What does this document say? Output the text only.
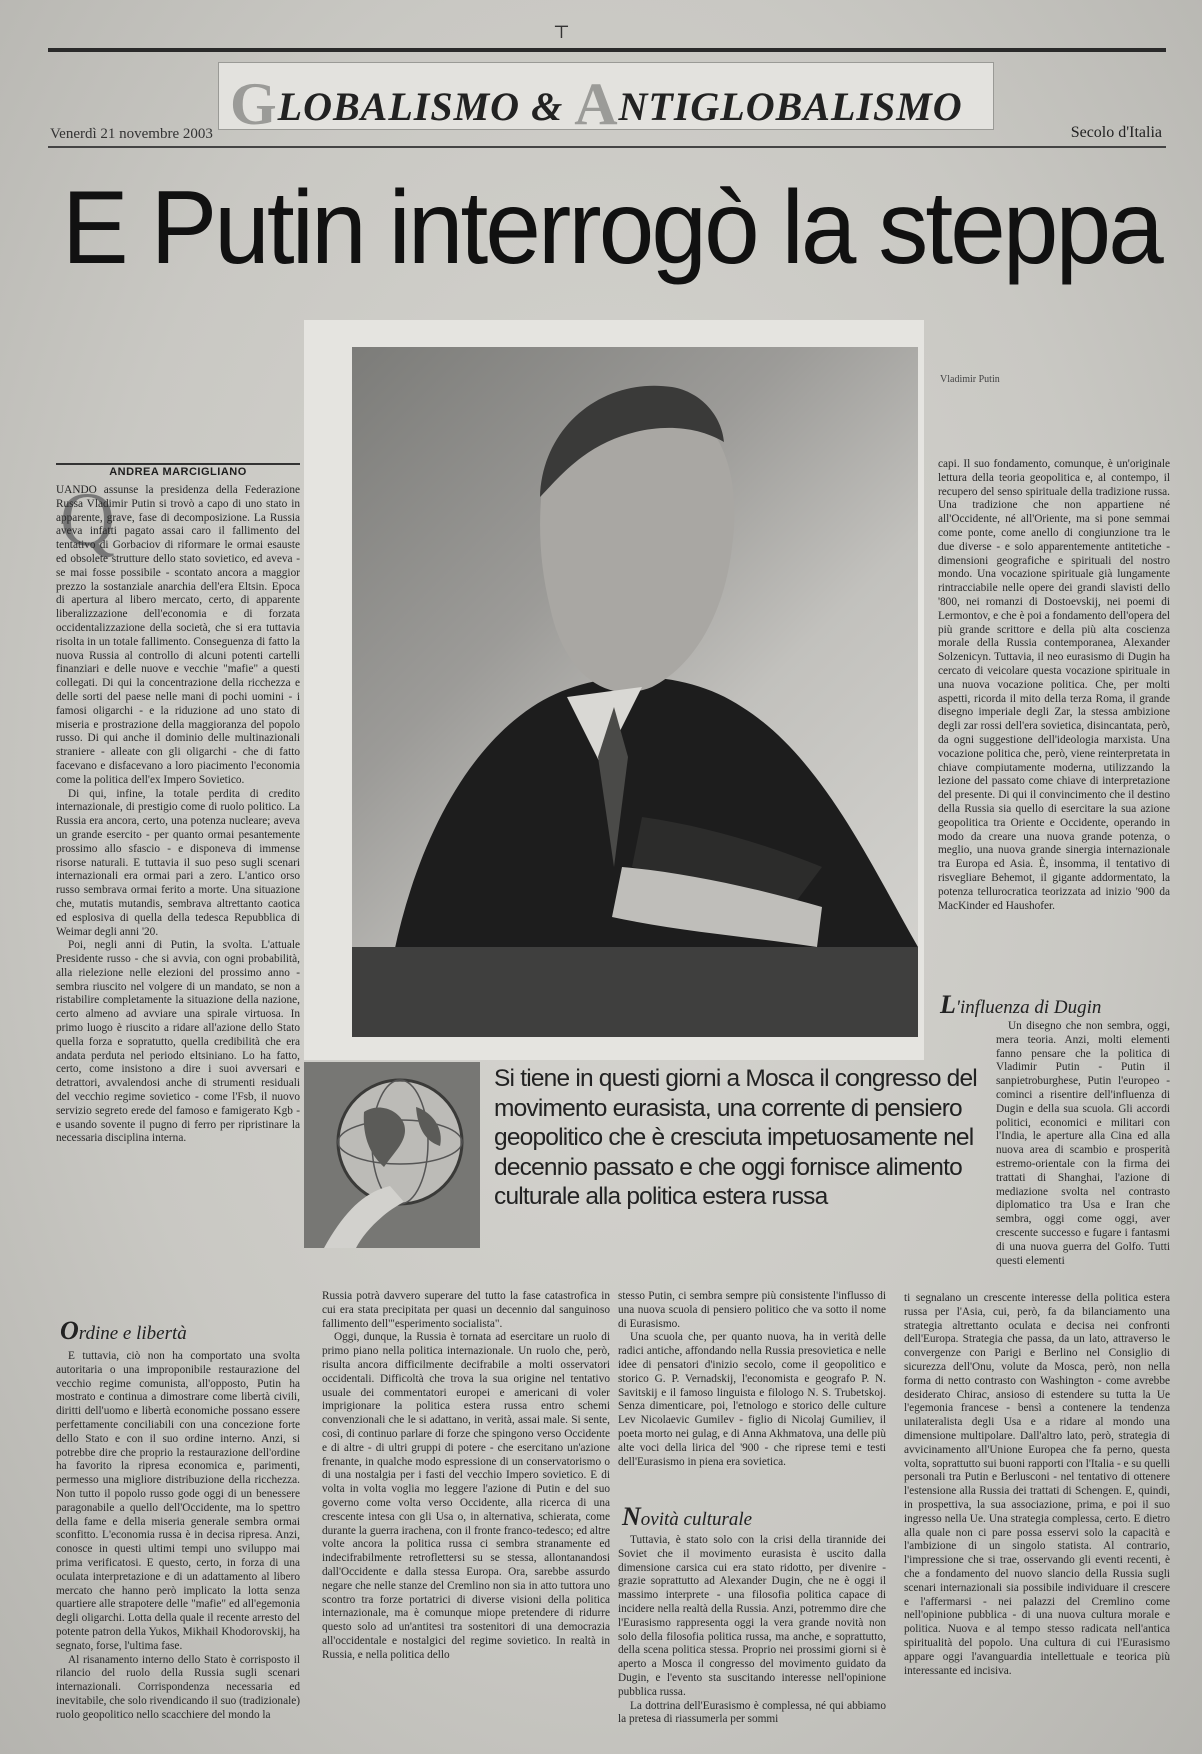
⊤
GLOBALISMO & ANTIGLOBALISMO
Venerdì 21 novembre 2003	Secolo d'Italia
E Putin interrogò la steppa
Vladimir Putin
ANDREA MARCIGLIANO
Q

UANDO assunse la presidenza della Federazione Russa Vladimir Putin si trovò a capo di uno stato in apparente, grave, fase di decomposizione. La Russia aveva infatti pagato assai caro il fallimento del tentativo di Gorbaciov di riformare le ormai esauste ed obsolete strutture dello stato sovietico, ed aveva - se mai fosse possibile - scontato ancora a maggior prezzo la sostanziale anarchia dell'era Eltsin. Epoca di apertura al libero mercato, certo, di apparente liberalizzazione dell'economia e di forzata occidentalizzazione della società, che si era tuttavia risolta in un totale fallimento. Conseguenza di fatto la nuova Russia al controllo di alcuni potenti cartelli finanziari e delle nuove e vecchie "mafie" a questi collegati. Di qui la concentrazione della ricchezza e delle sorti del paese nelle mani di pochi uomini - i famosi oligarchi - e la riduzione ad uno stato di miseria e prostrazione della maggioranza del popolo russo. Di qui anche il dominio delle multinazionali straniere - alleate con gli oligarchi - che di fatto facevano e disfacevano a loro piacimento l'economia come la politica dell'ex Impero Sovietico.

Di qui, infine, la totale perdita di credito internazionale, di prestigio come di ruolo politico. La Russia era ancora, certo, una potenza nucleare; aveva un grande esercito - per quanto ormai pesantemente prossimo allo sfascio - e disponeva di immense risorse naturali. E tuttavia il suo peso sugli scenari internazionali era ormai pari a zero. L'antico orso russo sembrava ormai ferito a morte. Una situazione che, mutatis mutandis, sembrava altrettanto caotica ed esplosiva di quella della tedesca Repubblica di Weimar degli anni '20.

Poi, negli anni di Putin, la svolta. L'attuale Presidente russo - che si avvia, con ogni probabilità, alla rielezione nelle elezioni del prossimo anno - sembra riuscito nel volgere di un mandato, se non a ristabilire completamente la situazione della nazione, certo almeno ad avviare una spirale virtuosa. In primo luogo è riuscito a ridare all'azione dello Stato quella forza e sopratutto, quella credibilità che era andata perduta nel periodo eltsiniano. Lo ha fatto, certo, come insistono a dire i suoi avversari e detrattori, avvalendosi anche di strumenti residuali del vecchio regime sovietico - come l'Fsb, il nuovo servizio segreto erede del famoso e famigerato Kgb - e usando sovente il pugno di ferro per ripristinare la necessaria disciplina interna.

Ordine e libertà

E tuttavia, ciò non ha comportato una svolta autoritaria o una improponibile restaurazione del vecchio regime comunista, all'opposto, Putin ha mostrato e continua a dimostrare come libertà civili, diritti dell'uomo e libertà economiche possano essere perfettamente conciliabili con una concezione forte dello Stato e con il suo ordine interno. Anzi, si potrebbe dire che proprio la restaurazione dell'ordine ha favorito la ripresa economica e, parimenti, permesso una migliore distribuzione della ricchezza. Non tutto il popolo russo gode oggi di un benessere paragonabile a quello dell'Occidente, ma lo spettro della fame e della miseria generale sembra ormai sconfitto. L'economia russa è in decisa ripresa. Anzi, conosce in questi ultimi tempi uno sviluppo mai prima verificatosi. E questo, certo, in forza di una oculata interpretazione e di un adattamento al libero mercato che hanno però implicato la lotta senza quartiere alle strapotere delle "mafie" ed all'egemonia degli oligarchi. Lotta della quale il recente arresto del potente patron della Yukos, Mikhail Khodorovskij, ha segnato, forse, l'ultima fase.

Al risanamento interno dello Stato è corrisposto il rilancio del ruolo della Russia sugli scenari internazionali. Corrispondenza necessaria ed inevitabile, che solo rivendicando il suo (tradizionale) ruolo geopolitico nello scacchiere del mondo la

Si tiene in questi giorni a Mosca il congresso del movimento eurasista, una corrente di pensiero geopolitico che è cresciuta impetuosamente nel decennio passato e che oggi fornisce alimento culturale alla politica estera russa

Russia potrà davvero superare del tutto la fase catastrofica in cui era stata precipitata per quasi un decennio dal sanguinoso fallimento dell'"esperimento socialista".

Oggi, dunque, la Russia è tornata ad esercitare un ruolo di primo piano nella politica internazionale. Un ruolo che, però, risulta ancora difficilmente decifrabile a molti osservatori occidentali. Difficoltà che trova la sua origine nel tentativo usuale dei commentatori europei e americani di voler imprigionare la politica estera russa entro schemi convenzionali che le si adattano, in verità, assai male. Si sente, così, di continuo parlare di forze che spingono verso Occidente e di altre - di ultri gruppi di potere - che esercitano un'azione frenante, in qualche modo espressione di un conservatorismo o di una nostalgia per i fasti del vecchio Impero sovietico. E di volta in volta voglia mo leggere l'azione di Putin e del suo governo come volta verso Occidente, alla ricerca di una crescente intesa con gli Usa o, in alternativa, schierata, come durante la guerra irachena, con il fronte franco-tedesco; ed altre volte ancora la politica russa ci sembra stranamente ed indecifrabilmente retroflettersi su se stessa, allontanandosi dall'Occidente e dalla stessa Europa. Ora, sarebbe assurdo negare che nelle stanze del Cremlino non sia in atto tuttora uno scontro tra forze portatrici di diverse visioni della politica internazionale, ma è comunque miope pretendere di ridurre questo solo ad un'antitesi tra sostenitori di una democrazia all'occidentale e nostalgici del regime sovietico. In realtà in Russia, e nella politica dello

stesso Putin, ci sembra sempre più consistente l'influsso di una nuova scuola di pensiero politico che va sotto il nome di Eurasismo.

Una scuola che, per quanto nuova, ha in verità delle radici antiche, affondando nella Russia presovietica e nelle idee di pensatori d'inizio secolo, come il geopolitico e storico G. P. Vernadskij, l'economista e geografo P. N. Savitskij e il famoso linguista e filologo N. S. Trubetskoj. Senza dimenticare, poi, l'etnologo e storico delle culture Lev Nicolaevic Gumilev - figlio di Nicolaj Gumiliev, il poeta morto nei gulag, e di Anna Akhmatova, una delle più alte voci della lirica del '900 - che riprese temi e testi dell'Eurasismo in piena era sovietica.

Novità culturale

Tuttavia, è stato solo con la crisi della tirannide dei Soviet che il movimento eurasista è uscito dalla dimensione carsica cui era stato ridotto, per divenire - grazie soprattutto ad Alexander Dugin, che ne è oggi il massimo interprete - una filosofia politica capace di incidere nella realtà della Russia. Anzi, potremmo dire che l'Eurasismo rappresenta oggi la vera grande novità non solo della filosofia politica russa, ma anche, e soprattutto, della scena politica stessa. Proprio nei prossimi giorni si è aperto a Mosca il congresso del movimento guidato da Dugin, e l'evento sta suscitando interesse nell'opinione pubblica russa.

La dottrina dell'Eurasismo è complessa, né qui abbiamo la pretesa di riassumerla per sommi

capi. Il suo fondamento, comunque, è un'originale lettura della teoria geopolitica e, al contempo, il recupero del senso spirituale della tradizione russa. Una tradizione che non appartiene né all'Occidente, né all'Oriente, ma si pone semmai come ponte, come anello di congiunzione tra le due diverse - e solo apparentemente antitetiche - dimensioni geografiche e spirituali del nostro mondo. Una vocazione spirituale già lungamente rintracciabile nelle opere dei grandi slavisti dello '800, nei romanzi di Dostoevskij, nei poemi di Lermontov, e che è poi a fondamento dell'opera del più grande scrittore e della più alta coscienza morale della Russia contemporanea, Alexander Solzenicyn. Tuttavia, il neo eurasismo di Dugin ha cercato di veicolare questa vocazione spirituale in una nuova vocazione politica. Che, per molti aspetti, ricorda il mito della terza Roma, il grande disegno imperiale degli Zar, la stessa ambizione degli zar rossi dell'era sovietica, disincantata, però, da ogni suggestione dell'ideologia marxista. Una vocazione politica che, però, viene reinterpretata in chiave compiutamente moderna, utilizzando la lezione del passato come chiave di interpretazione del presente. Di qui il convincimento che il destino della Russia sia quello di esercitare la sua azione geopolitica tra Oriente e Occidente, operando in modo da creare una nuova grande potenza, o meglio, una nuova grande sinergia internazionale tra Europa ed Asia. È, insomma, il tentativo di risvegliare Behemot, il gigante addormentato, la potenza tellurocratica teorizzata ad inizio '900 da MacKinder ed Haushofer.

L'influenza di Dugin

Un disegno che non sembra, oggi, mera teoria. Anzi, molti elementi fanno pensare che la politica di Vladimir Putin - Putin il sanpietroburghese, Putin l'europeo - cominci a risentire dell'influenza di Dugin e della sua scuola. Gli accordi politici, economici e militari con l'India, le aperture alla Cina ed alla nuova area di scambio e prosperità estremo-orientale con la firma dei trattati di Shanghai, l'azione di mediazione svolta nel contrasto diplomatico tra Usa e Iran che sembra, oggi come oggi, aver crescente successo e fugare i fantasmi di una nuova guerra del Golfo. Tutti questi elementi

ti segnalano un crescente interesse della politica estera russa per l'Asia, cui, però, fa da bilanciamento una strategia altrettanto oculata e decisa nei confronti dell'Europa. Strategia che passa, da un lato, attraverso le convergenze con Parigi e Berlino nel Consiglio di sicurezza dell'Onu, volute da Mosca, però, non nella forma di netto contrasto con Washington - come avrebbe desiderato Chirac, ansioso di estendere su tutta la Ue l'egemonia francese - bensì a contenere la tendenza unilateralista degli Usa e a ridare al mondo una dimensione multipolare. Dall'altro lato, però, strategia di avvicinamento all'Unione Europea che fa perno, questa volta, soprattutto sui buoni rapporti con l'Italia - e su quelli personali tra Putin e Berlusconi - nel tentativo di ottenere l'estensione alla Russia dei trattati di Schengen. E, quindi, in prospettiva, la sua associazione, prima, e poi il suo ingresso nella Ue. Una strategia complessa, certo. E dietro alla quale non ci pare possa esservi solo la capacità e l'ambizione di un singolo statista. Al contrario, l'impressione che si trae, osservando gli eventi recenti, è che a fondamento del nuovo slancio della Russia sugli scenari internazionali sia possibile individuare il crescere e l'affermarsi - nei palazzi del Cremlino come nell'opinione pubblica - di una nuova cultura morale e politica. Nuova e al tempo stesso radicata nell'antica spiritualità del popolo. Una cultura di cui l'Eurasismo appare oggi l'avanguardia intellettuale e teorica più interessante ed incisiva.
